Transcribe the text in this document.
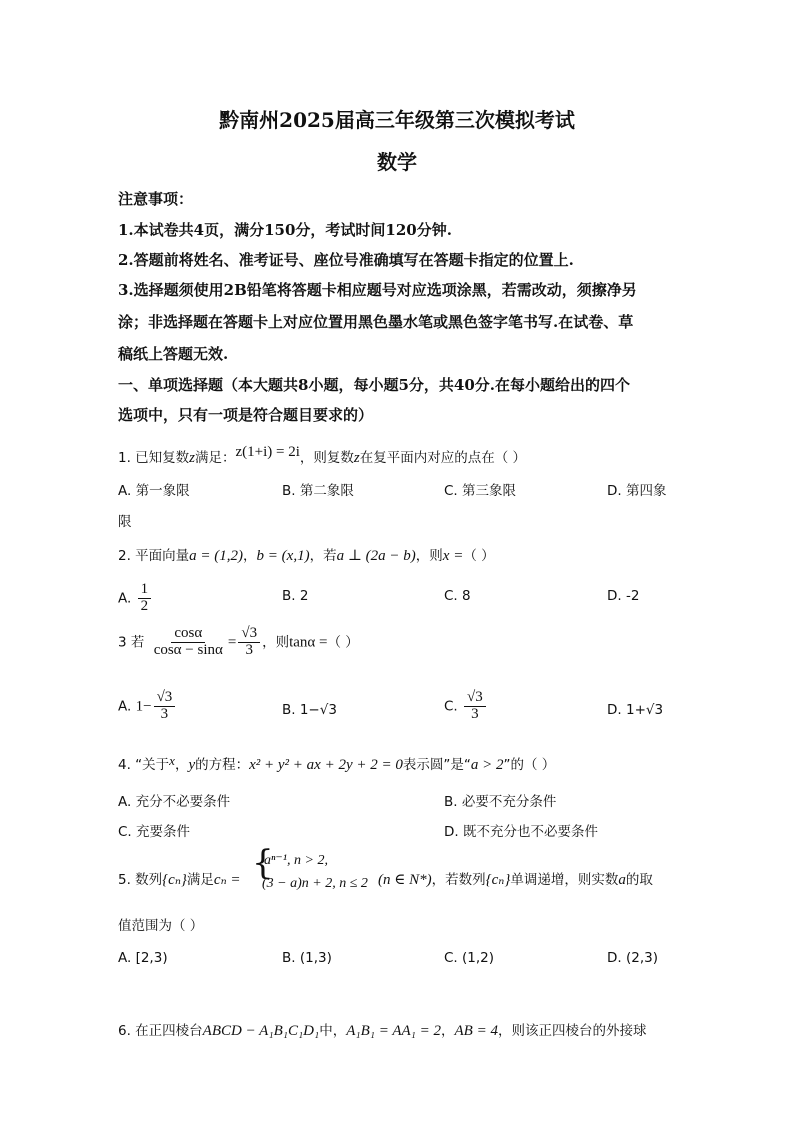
黔南州2025届高三年级第三次模拟考试
数学
注意事项：
1.本试卷共4页，满分150分，考试时间120分钟.
2.答题前将姓名、准考证号、座位号准确填写在答题卡指定的位置上.
3.选择题须使用2B铅笔将答题卡相应题号对应选项涂黑，若需改动，须擦净另
涂；非选择题在答题卡上对应位置用黑色墨水笔或黑色签字笔书写.在试卷、草
稿纸上答题无效.
一、单项选择题（本大题共8小题，每小题5分，共40分.在每小题给出的四个
选项中，只有一项是符合题目要求的）
1. 已知复数z满足：z(1+i) = 2i，则复数z在复平面内对应的点在（ ）
A. 第一象限	B. 第二象限	C. 第三象限	D. 第四象
限
2. 平面向量a = (1,2)，b = (x,1)，若a ⊥ (2a − b)，则x =（ ）
A. $\frac{1}{2}$	B. 2	C. 8	D. -2
3 若 $\frac{\cos\alpha}{\cos\alpha - \sin\alpha} = \frac{√3}{3}$ ，则tanα =（ ）
A. $1- \frac{√3}{3}$	B. 1−√3	C. $\frac{√3}{3}$	D. 1+√3
4. “关于x，y的方程：x² + y² + ax + 2y + 2 = 0表示圆”是“a > 2”的（ ）
A. 充分不必要条件	B. 必要不充分条件
C. 充要条件	D. 既不充分也不必要条件
5. 数列{cₙ}满足cₙ = {
aⁿ⁻¹, n > 2,
(3 − a)n + 2, n ≤ 2 (n ∈ N*)，若数列{cₙ}单调递增，则实数a的取
值范围为（ ）
A. [2,3)	B. (1,3)	C. (1,2)	D. (2,3)
6. 在正四棱台ABCD − A₁B₁C₁D₁中，A₁B₁ = AA₁ = 2，AB = 4，则该正四棱台的外接球
